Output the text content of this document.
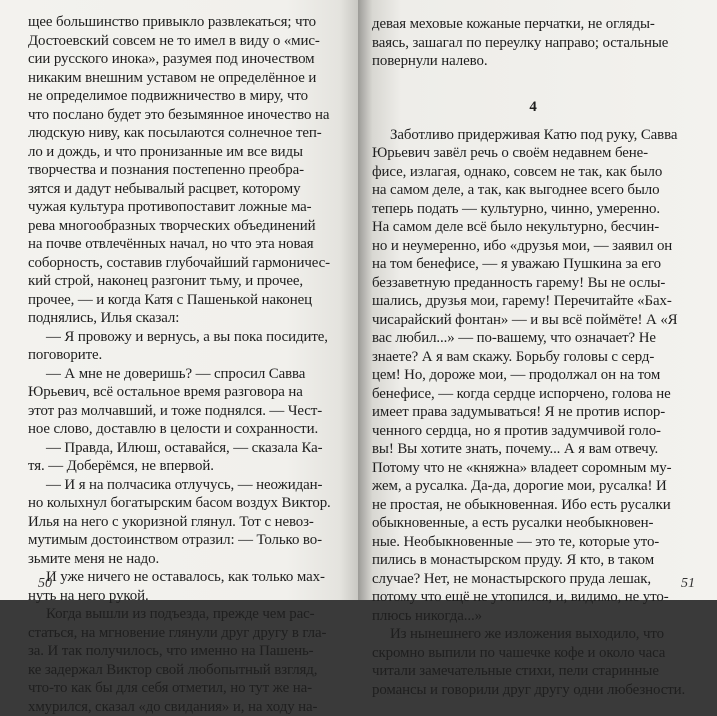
щее большинство привыкло развлекаться; что
Достоевский совсем не то имел в виду о «мис-
сии русского инока», разумея под иночеством
никаким внешним уставом не определённое и
не определимое подвижничество в миру, что
что послано будет это безымянное иночество на
людскую ниву, как посылаются солнечное теп-
ло и дождь, и что пронизанные им все виды
творчества и познания постепенно преобра-
зятся и дадут небывалый расцвет, которому
чужая культура противопоставит ложные ма-
рева многообразных творческих объединений
на почве отвлечённых начал, но что эта новая
соборность, составив глубочайший гармоничес-
кий строй, наконец разгонит тьму, и прочее,
прочее, — и когда Катя с Пашенькой наконец
поднялись, Илья сказал:
— Я провожу и вернусь, а вы пока посидите,
поговорите.
— А мне не доверишь? — спросил Савва
Юрьевич, всё остальное время разговора на
этот раз молчавший, и тоже поднялся. — Чест-
ное слово, доставлю в целости и сохранности.
— Правда, Илюш, оставайся, — сказала Ка-
тя. — Доберёмся, не впервой.
— И я на полчасика отлучусь, — неожидан-
но колыхнул богатырским басом воздух Виктор.
Илья на него с укоризной глянул. Тот с невоз-
мутимым достоинством отразил: — Только во-
зьмите меня не надо.
И уже ничего не оставалось, как только мах-
нуть на него рукой.
Когда вышли из подъезда, прежде чем рас-
статься, на мгновение глянули друг другу в гла-
за. И так получилось, что именно на Пашень-
ке задержал Виктор свой любопытный взгляд,
что-то как бы для себя отметил, но тут же на-
хмурился, сказал «до свидания» и, на ходу на-
50
девая меховые кожаные перчатки, не огляды-
ваясь, зашагал по переулку направо; остальные
повернули налево.
4
Заботливо придерживая Катю под руку, Савва
Юрьевич завёл речь о своём недавнем бене-
фисе, излагая, однако, совсем не так, как было
на самом деле, а так, как выгоднее всего было
теперь подать — культурно, чинно, умеренно.
На самом деле всё было некультурно, бесчин-
но и неумеренно, ибо «друзья мои, — заявил он
на том бенефисе, — я уважаю Пушкина за его
беззаветную преданность гарему! Вы не ослы-
шались, друзья мои, гарему! Перечитайте «Бах-
чисарайский фонтан» — и вы всё поймёте! А «Я
вас любил...» — по-вашему, что означает? Не
знаете? А я вам скажу. Борьбу головы с серд-
цем! Но, дороже мои, — продолжал он на том
бенефисе, — когда сердце испорчено, голова не
имеет права задумываться! Я не против испор-
ченного сердца, но я против задумчивой голо-
вы! Вы хотите знать, почему... А я вам отвечу.
Потому что не «княжна» владеет соромным му-
жем, а русалка. Да-да, дорогие мои, русалка! И
не простая, не обыкновенная. Ибо есть русалки
обыкновенные, а есть русалки необыкновен-
ные. Необыкновенные — это те, которые уто-
пились в монастырском пруду. Я кто, в таком
случае? Нет, не монастырского пруда лешак,
потому что ещё не утопился, и, видимо, не уто-
плюсь никогда...»
Из нынешнего же изложения выходило, что
скромно выпили по чашечке кофе и около часа
читали замечательные стихи, пели старинные
романсы и говорили друг другу одни любезности.
51
